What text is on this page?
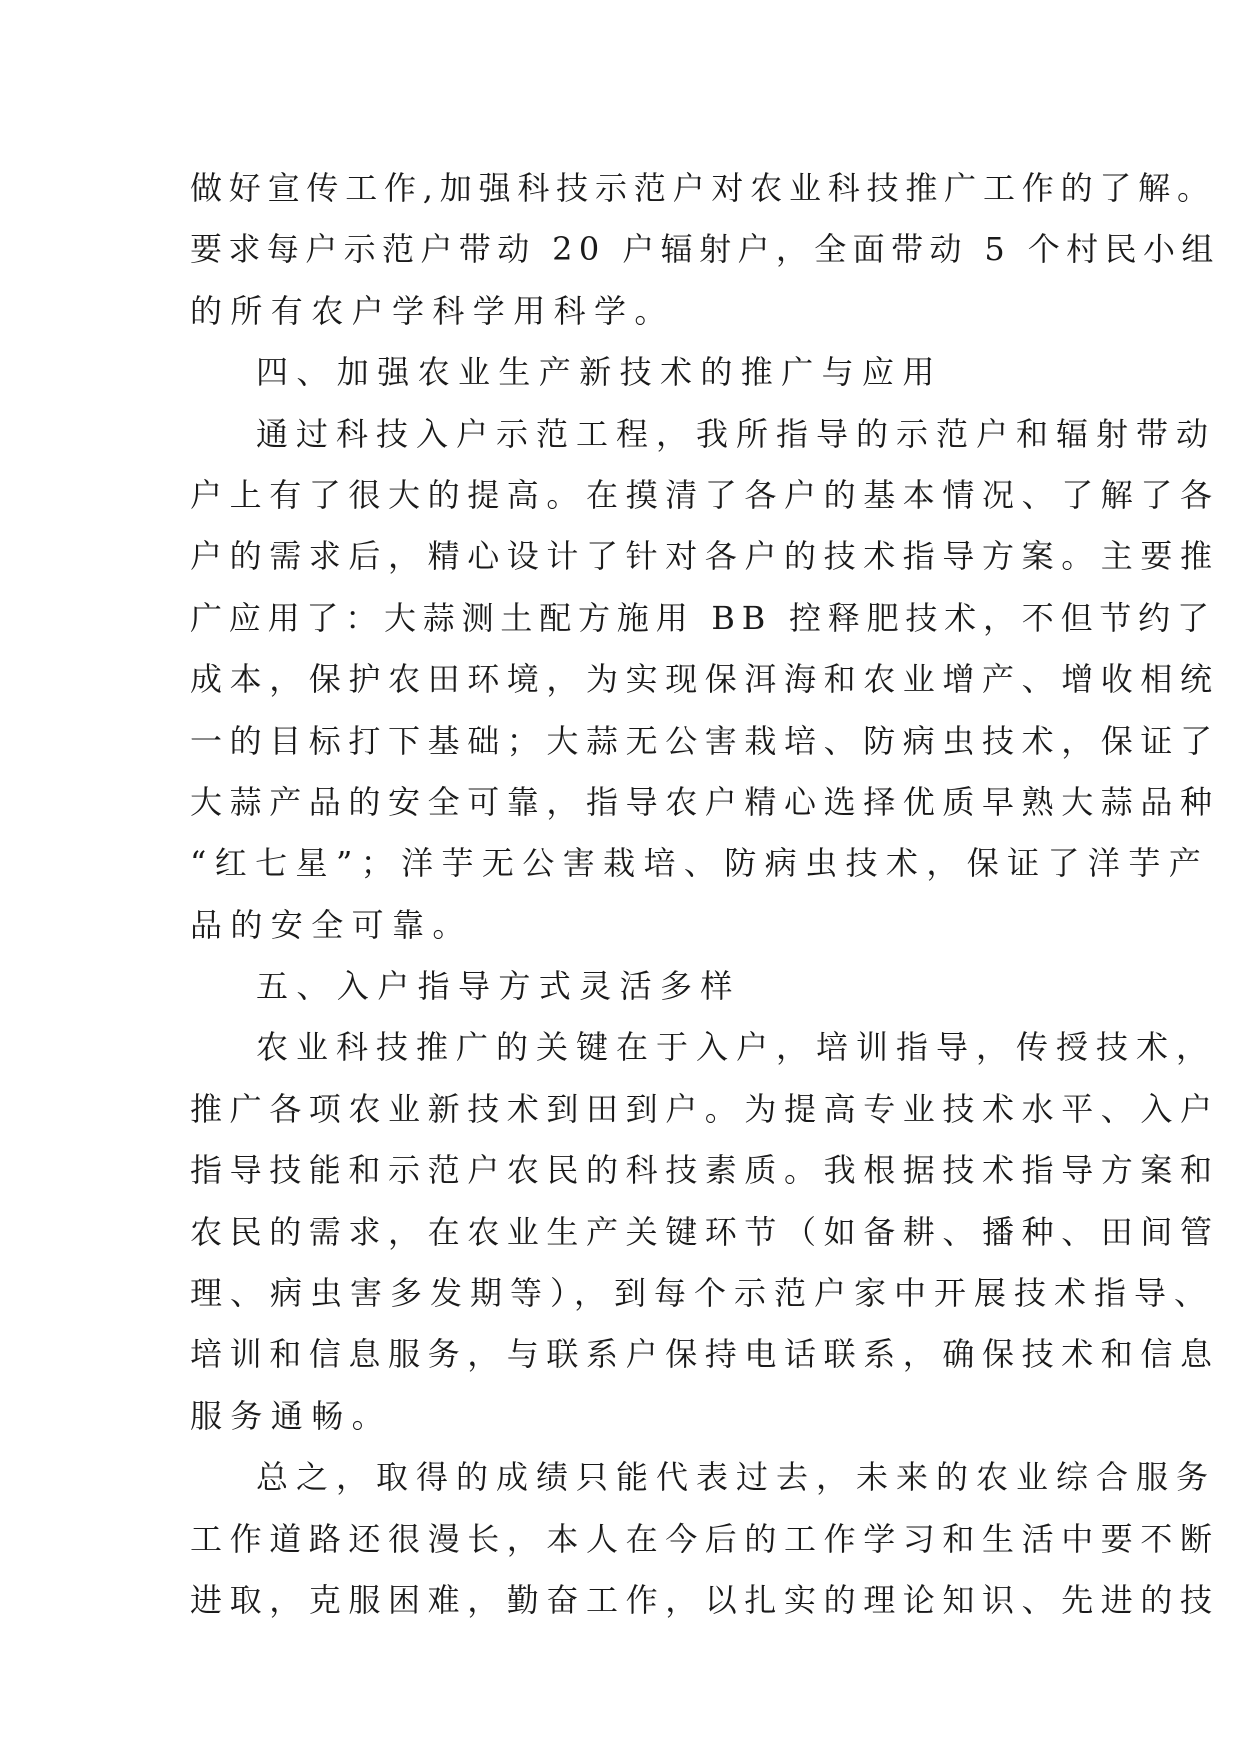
做好宣传工作,加强科技示范户对农业科技推广工作的了解。
要求每户示范户带动 20 户辐射户，全面带动 5 个村民小组
的所有农户学科学用科学。
四、加强农业生产新技术的推广与应用
通过科技入户示范工程，我所指导的示范户和辐射带动
户上有了很大的提高。在摸清了各户的基本情况、了解了各
户的需求后，精心设计了针对各户的技术指导方案。主要推
广应用了：大蒜测土配方施用 BB 控释肥技术，不但节约了
成本，保护农田环境，为实现保洱海和农业增产、增收相统
一的目标打下基础；大蒜无公害栽培、防病虫技术，保证了
大蒜产品的安全可靠，指导农户精心选择优质早熟大蒜品种
“红七星”；洋芋无公害栽培、防病虫技术，保证了洋芋产
品的安全可靠。
五、入户指导方式灵活多样
农业科技推广的关键在于入户，培训指导，传授技术，
推广各项农业新技术到田到户。为提高专业技术水平、入户
指导技能和示范户农民的科技素质。我根据技术指导方案和
农民的需求，在农业生产关键环节（如备耕、播种、田间管
理、病虫害多发期等），到每个示范户家中开展技术指导、
培训和信息服务，与联系户保持电话联系，确保技术和信息
服务通畅。
总之，取得的成绩只能代表过去，未来的农业综合服务
工作道路还很漫长，本人在今后的工作学习和生活中要不断
进取，克服困难，勤奋工作，以扎实的理论知识、先进的技
